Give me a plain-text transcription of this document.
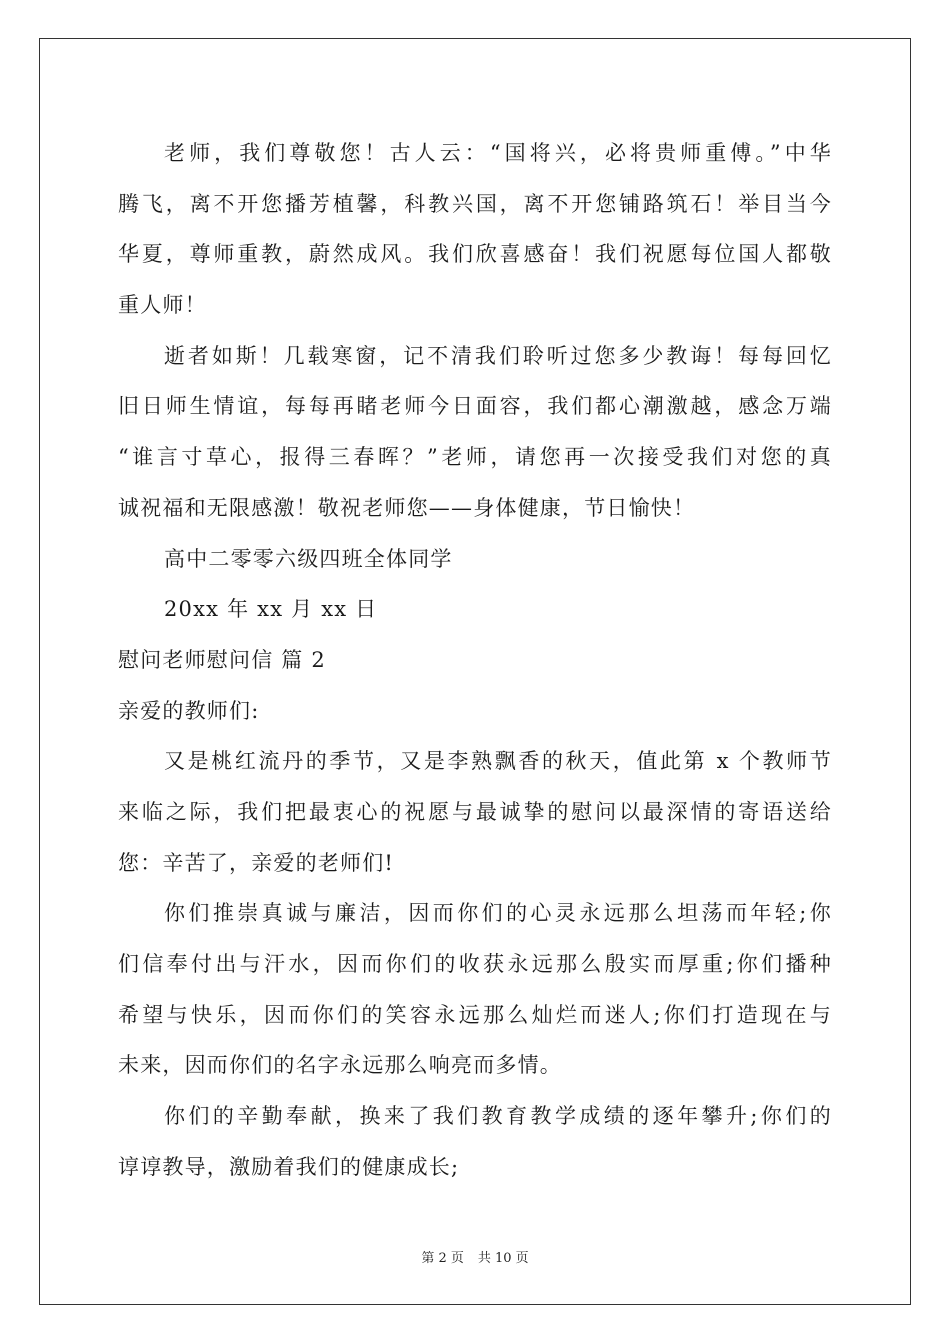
老师，我们尊敬您！古人云：“国将兴，必将贵师重傅。”中华
腾飞，离不开您播芳植馨，科教兴国，离不开您铺路筑石！举目当今
华夏，尊师重教，蔚然成风。我们欣喜感奋！我们祝愿每位国人都敬
重人师！
逝者如斯！几载寒窗，记不清我们聆听过您多少教诲！每每回忆
旧日师生情谊，每每再睹老师今日面容，我们都心潮激越，感念万端
“谁言寸草心，报得三春晖？”老师，请您再一次接受我们对您的真
诚祝福和无限感激！敬祝老师您——身体健康，节日愉快！
高中二零零六级四班全体同学
20xx 年 xx 月 xx 日
慰问老师慰问信 篇 2
亲爱的教师们:
又是桃红流丹的季节，又是李熟飘香的秋天，值此第 x 个教师节
来临之际，我们把最衷心的祝愿与最诚挚的慰问以最深情的寄语送给
您：辛苦了，亲爱的老师们!
你们推崇真诚与廉洁，因而你们的心灵永远那么坦荡而年轻;你
们信奉付出与汗水，因而你们的收获永远那么殷实而厚重;你们播种
希望与快乐，因而你们的笑容永远那么灿烂而迷人;你们打造现在与
未来，因而你们的名字永远那么响亮而多情。
你们的辛勤奉献，换来了我们教育教学成绩的逐年攀升;你们的
谆谆教导，激励着我们的健康成长;
第 2 页 共 10 页
